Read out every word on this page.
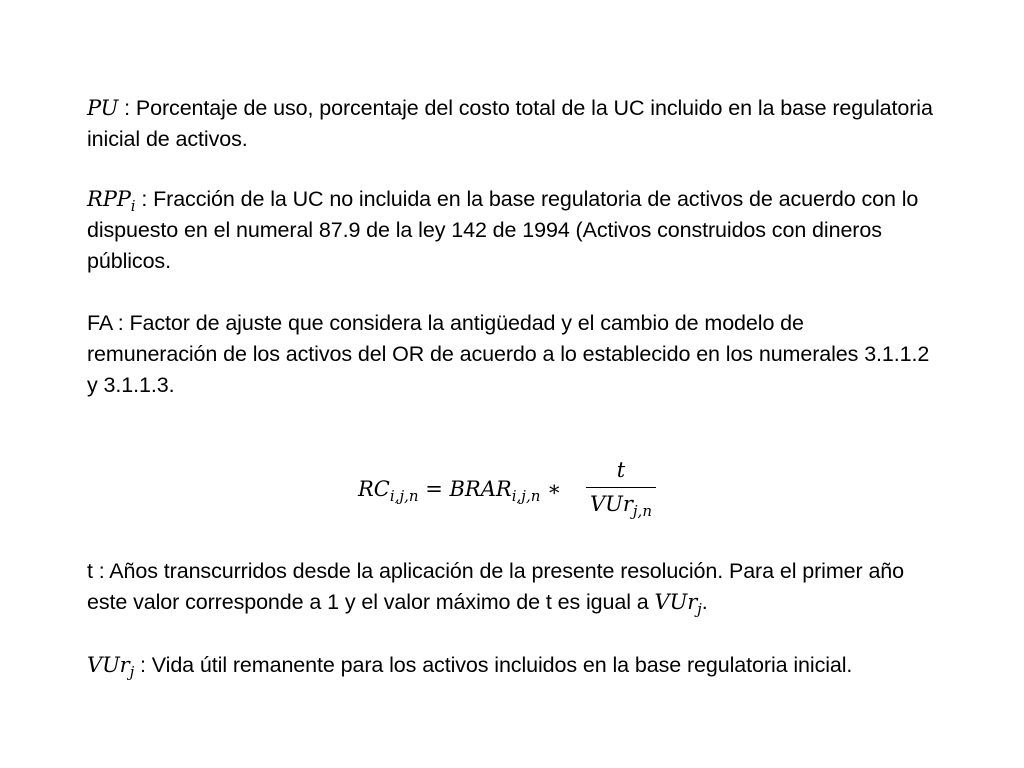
PU : Porcentaje de uso, porcentaje del costo total de la UC incluido en la base regulatoria inicial de activos.

$RPP_i$ : Fracción de la UC no incluida en la base regulatoria de activos de acuerdo con lo dispuesto en el numeral 87.9 de la ley 142 de 1994 (Activos construidos con dineros públicos.

FA : Factor de ajuste que considera la antigüedad y el cambio de modelo de remuneración de los activos del OR de acuerdo a lo establecido en los numerales 3.1.1.2 y 3.1.1.3.

$RC_{i,j,n}$ = $BRAR_{i,j,n}$ ∗
t
VUr$_{j,n}$

t : Años transcurridos desde la aplicación de la presente resolución. Para el primer año este valor corresponde a 1 y el valor máximo de t es igual a VUr$_j$.

VUr$_j$ : Vida útil remanente para los activos incluidos en la base regulatoria inicial.
